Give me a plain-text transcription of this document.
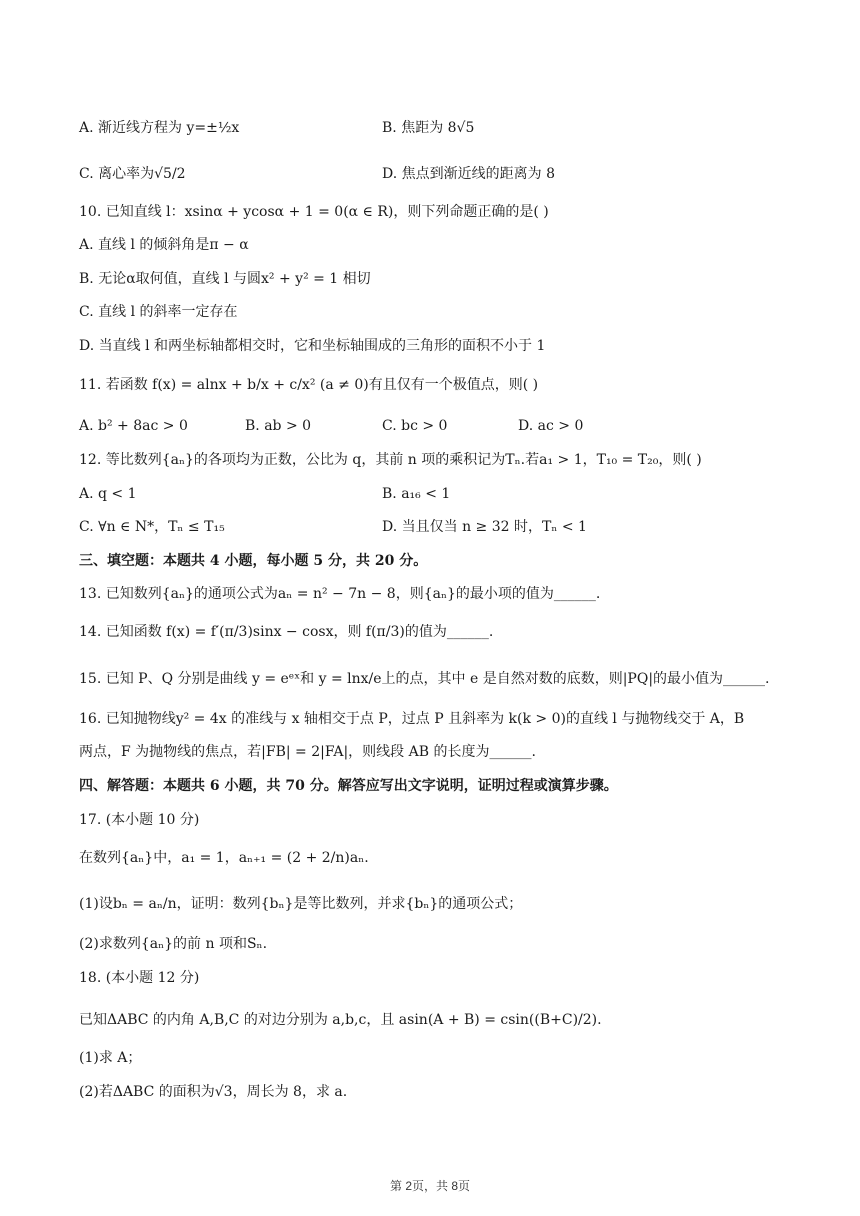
A. 渐近线方程为 y=±½x	B. 焦距为 8√5
C. 离心率为√5/2	D. 焦点到渐近线的距离为 8
10. 已知直线 l：xsinα + ycosα + 1 = 0(α ∈ R)，则下列命题正确的是( )
A. 直线 l 的倾斜角是π − α
B. 无论α取何值，直线 l 与圆x² + y² = 1 相切
C. 直线 l 的斜率一定存在
D. 当直线 l 和两坐标轴都相交时，它和坐标轴围成的三角形的面积不小于 1
11. 若函数 f(x) = alnx + b/x + c/x² (a ≠ 0)有且仅有一个极值点，则( )
A. b² + 8ac > 0	B. ab > 0	C. bc > 0	D. ac > 0
12. 等比数列{aₙ}的各项均为正数，公比为 q，其前 n 项的乘积记为Tₙ.若a₁ > 1，T₁₀ = T₂₀，则( )
A. q < 1	B. a₁₆ < 1
C. ∀n ∈ N*，Tₙ ≤ T₁₅	D. 当且仅当 n ≥ 32 时，Tₙ < 1
三、填空题：本题共 4 小题，每小题 5 分，共 20 分。
13. 已知数列{aₙ}的通项公式为aₙ = n² − 7n − 8，则{aₙ}的最小项的值为______.
14. 已知函数 f(x) = f′(π/3)sinx − cosx，则 f(π/3)的值为______.
15. 已知 P、Q 分别是曲线 y = eᵉˣ和 y = lnx/e上的点，其中 e 是自然对数的底数，则|PQ|的最小值为______.
16. 已知抛物线y² = 4x 的准线与 x 轴相交于点 P，过点 P 且斜率为 k(k > 0)的直线 l 与抛物线交于 A，B
两点，F 为抛物线的焦点，若|FB| = 2|FA|，则线段 AB 的长度为______.
四、解答题：本题共 6 小题，共 70 分。解答应写出文字说明，证明过程或演算步骤。
17. (本小题 10 分)
在数列{aₙ}中，a₁ = 1，aₙ₊₁ = (2 + 2/n)aₙ.
(1)设bₙ = aₙ/n，证明：数列{bₙ}是等比数列，并求{bₙ}的通项公式；
(2)求数列{aₙ}的前 n 项和Sₙ.
18. (本小题 12 分)
已知ΔABC 的内角 A,B,C 的对边分别为 a,b,c，且 asin(A + B) = csin((B+C)/2).
(1)求 A；
(2)若ΔABC 的面积为√3，周长为 8，求 a.
第 2页，共 8页
